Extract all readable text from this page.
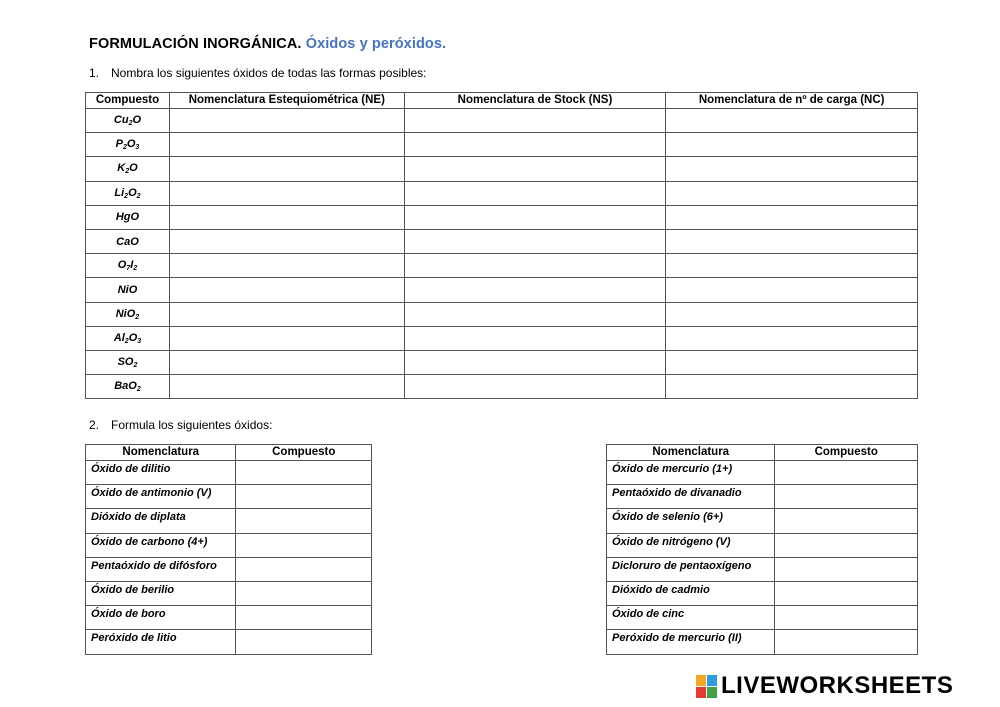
FORMULACIÓN INORGÁNICA. Óxidos y peróxidos.
1. Nombra los siguientes óxidos de todas las formas posibles:
Compuesto	Nomenclatura Estequiométrica (NE)	Nomenclatura de Stock (NS)	Nomenclatura de nº de carga (NC)
$Cu_2O$			
$P_2O_3$			
$K_2O$			
$Li_2O_2$			
HgO			
CaO			
$O_7I_2$			
NiO			
NiO$_2$			
$Al_2O_3$			
$SO_2$			
BaO$_2$			
2. Formula los siguientes óxidos:
Nomenclatura	Compuesto
Óxido de dilitio	
Óxido de antimonio (V)	
Dióxido de diplata	
Óxido de carbono (4+)	
Pentaóxido de difósforo	
Óxido de berilio	
Óxido de boro	
Peróxido de litio	
Nomenclatura	Compuesto
Óxido de mercurio (1+)	
Pentaóxido de divanadio	
Óxido de selenio (6+)	
Óxido de nitrógeno (V)	
Dicloruro de pentaoxígeno	
Dióxido de cadmio	
Óxido de cinc	
Peróxido de mercurio (II)	
LIVEWORKSHEETS
